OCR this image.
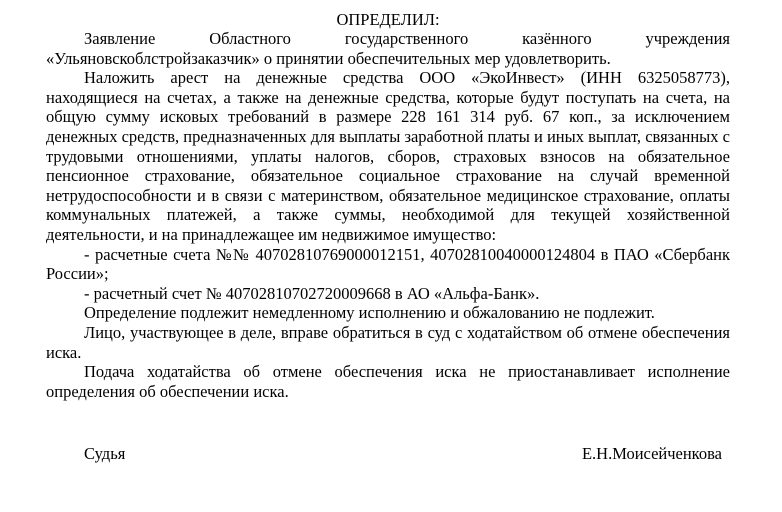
ОПРЕДЕЛИЛ:

Заявление Областного государственного казённого учреждения «Ульяновскоблстройзаказчик» о принятии обеспечительных мер удовлетворить.

Наложить арест на денежные средства ООО «ЭкоИнвест» (ИНН 6325058773), находящиеся на счетах, а также на денежные средства, которые будут поступать на счета, на общую сумму исковых требований в размере 228 161 314 руб. 67 коп., за исключением денежных средств, предназначенных для выплаты заработной платы и иных выплат, связанных с трудовыми отношениями, уплаты налогов, сборов, страховых взносов на обязательное пенсионное страхование, обязательное социальное страхование на случай временной нетрудоспособности и в связи с материнством, обязательное медицинское страхование, оплаты коммунальных платежей, а также суммы, необходимой для текущей хозяйственной деятельности, и на принадлежащее им недвижимое имущество:

- расчетные счета №№ 40702810769000012151, 40702810040000124804 в ПАО «Сбербанк России»;

- расчетный счет № 40702810702720009668 в АО «Альфа-Банк».

Определение подлежит немедленному исполнению и обжалованию не подлежит.

Лицо, участвующее в деле, вправе обратиться в суд с ходатайством об отмене обеспечения иска.

Подача ходатайства об отмене обеспечения иска не приостанавливает исполнение определения об обеспечении иска.

Судья	Е.Н.Моисейченкова
